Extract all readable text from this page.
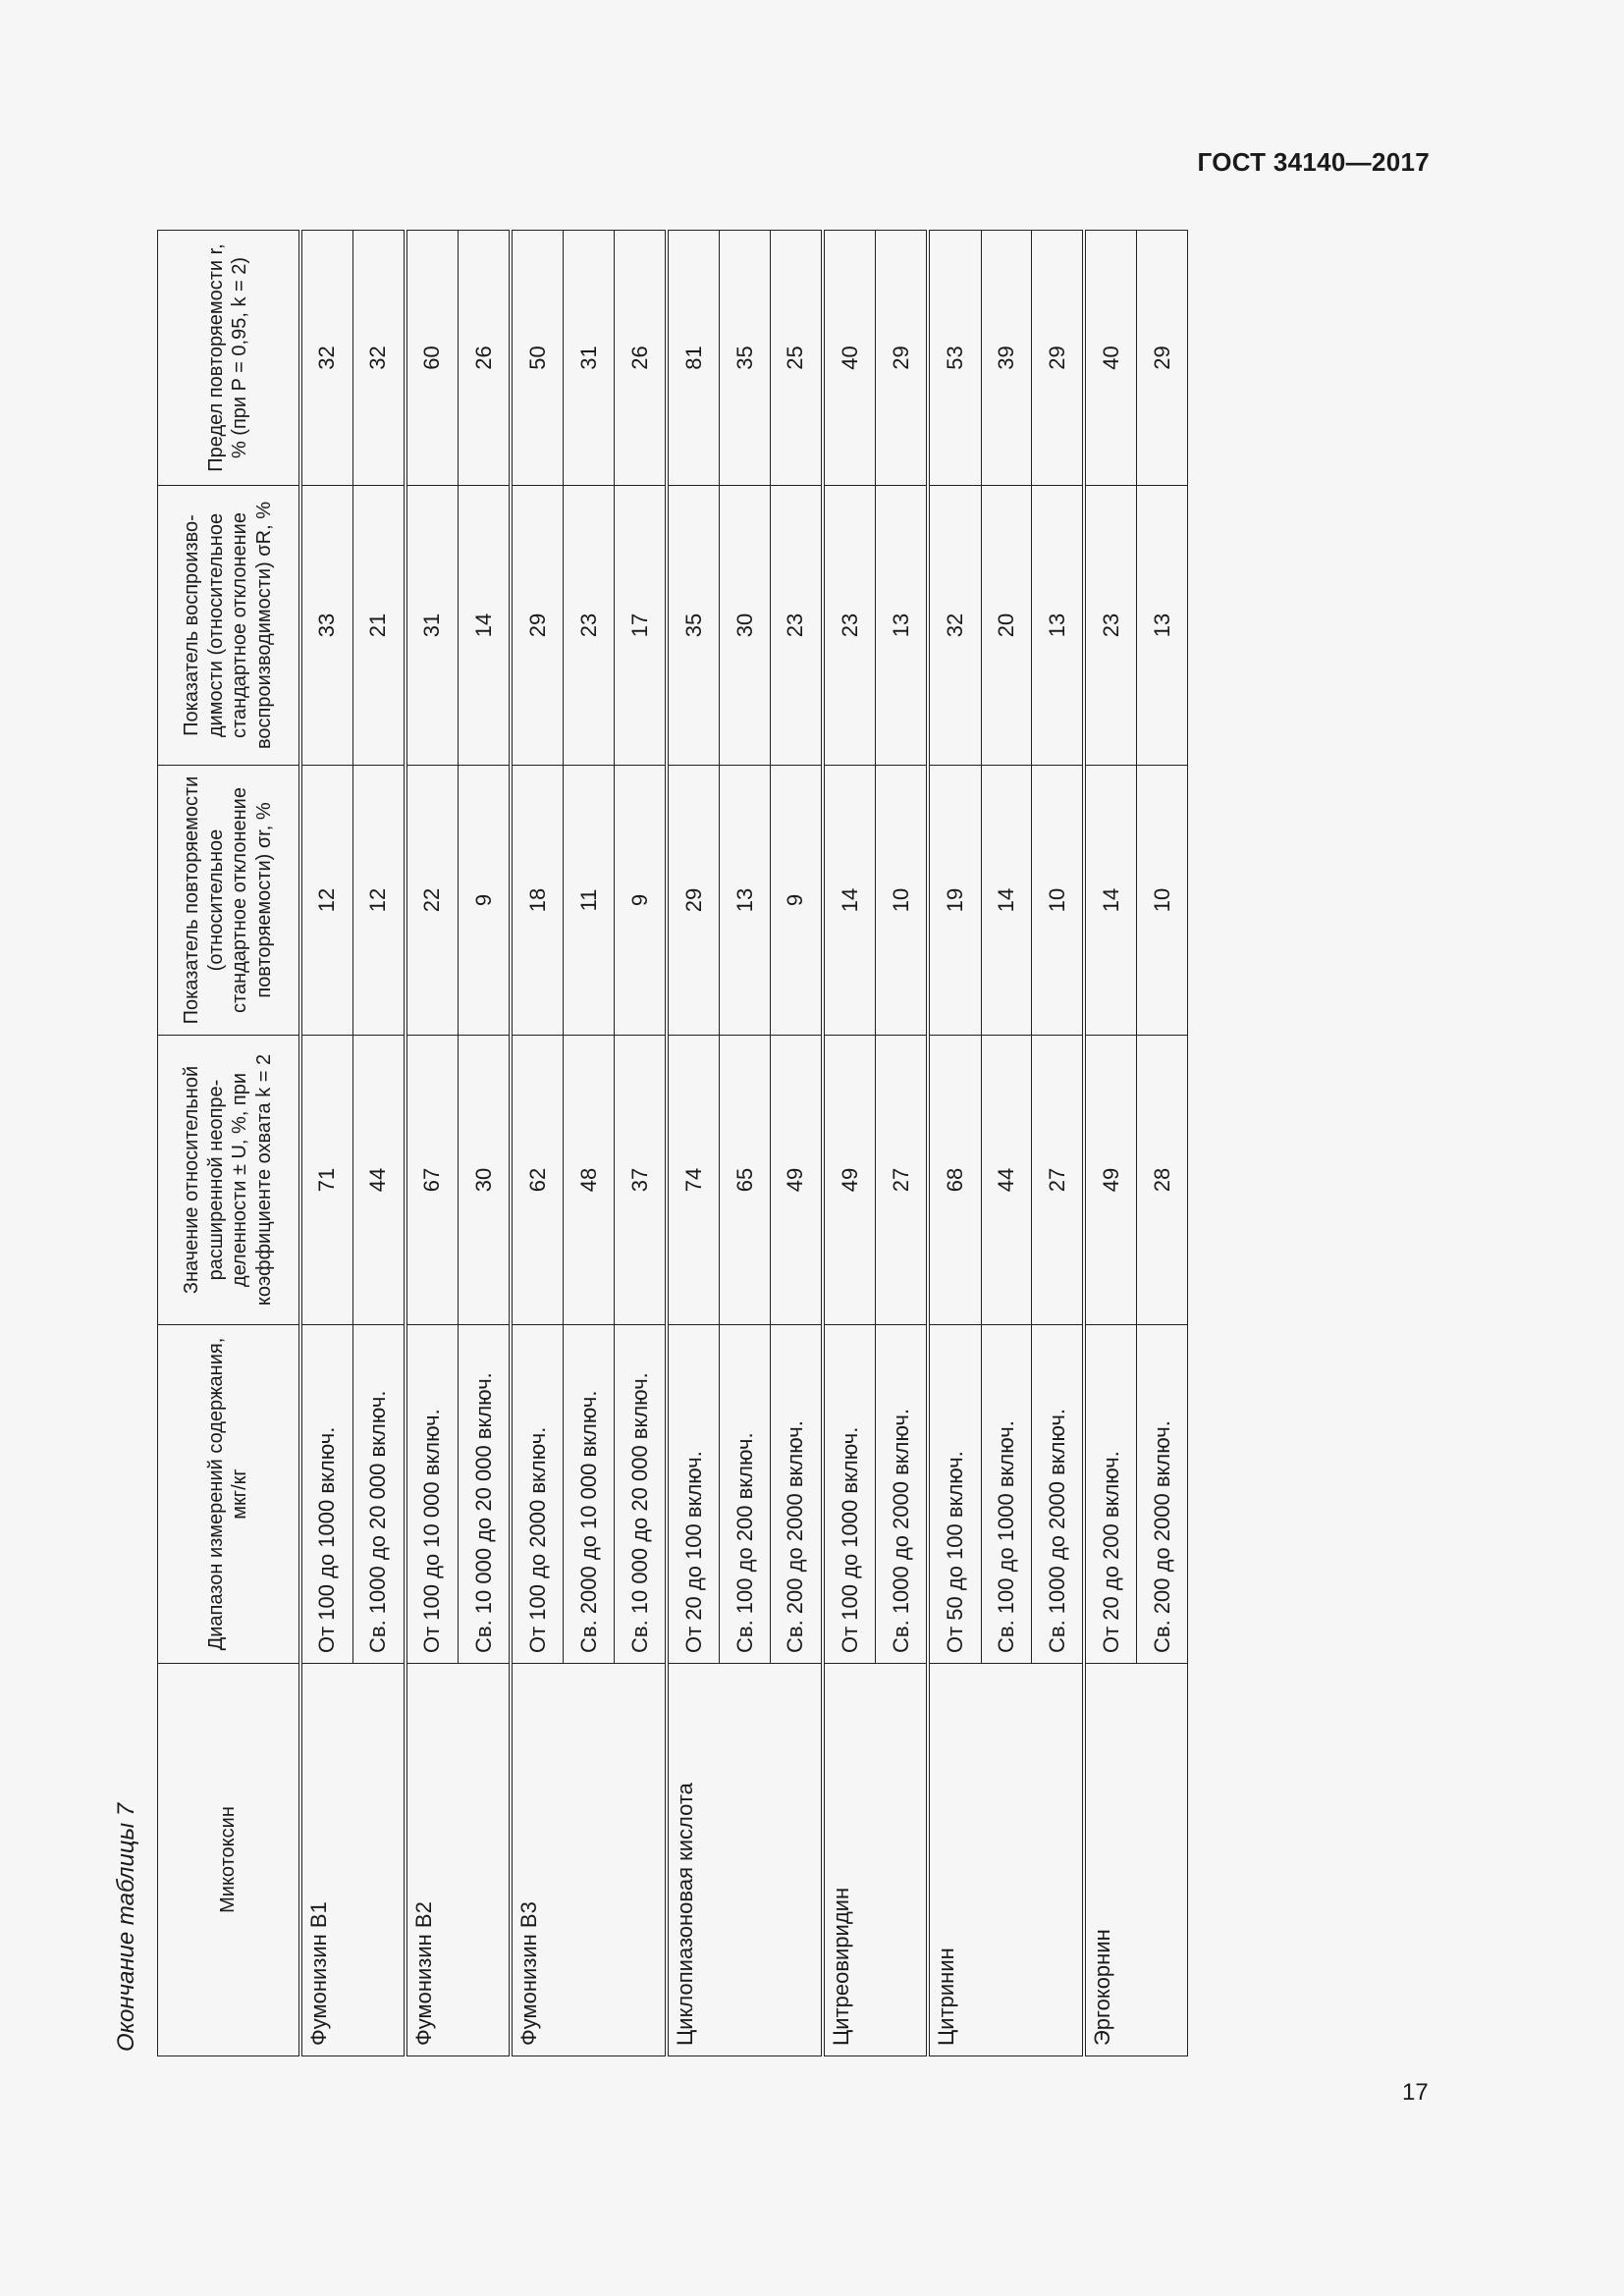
ГОСТ 34140—2017
Окончание таблицы 7	Микотоксин	Диапазон измерений содержания, мкг/кг	Значение относительной расширенной неопределенности ± U, %, при коэффициенте охвата k = 2	Показатель повторяемости (относительное стандартное отклонение повторяемости) σr, %	Показатель воспроизводимости (относительное стандартное отклонение воспроизводимости) σR, %	Предел повторяемости r, % (при P = 0,95, k = 2)
Фумонизин B1	От 100 до 1000 включ.	71	12	33	32
	Св. 1000 до 20 000 включ.	44	12	21	32
Фумонизин B2	От 100 до 10 000 включ.	67	22	31	60
	Св. 10 000 до 20 000 включ.	30	9	14	26
Фумонизин B3	От 100 до 2000 включ.	62	18	29	50
	Св. 2000 до 10 000 включ.	48	11	23	31
	Св. 10 000 до 20 000 включ.	37	9	17	26
Циклопиазоновая кислота	От 20 до 100 включ.	74	29	35	81
	Св. 100 до 200 включ.	65	13	30	35
	Св. 200 до 2000 включ.	49	9	23	25
Цитреовиридин	От 100 до 1000 включ.	49	14	23	40
	Св. 1000 до 2000 включ.	27	10	13	29
Цитринин	От 50 до 100 включ.	68	19	32	53
	Св. 100 до 1000 включ.	44	14	20	39
	Св. 1000 до 2000 включ.	27	10	13	29
Эргокорнин	От 20 до 200 включ.	49	14	23	40
	Св. 200 до 2000 включ.	28	10	13	29
17
